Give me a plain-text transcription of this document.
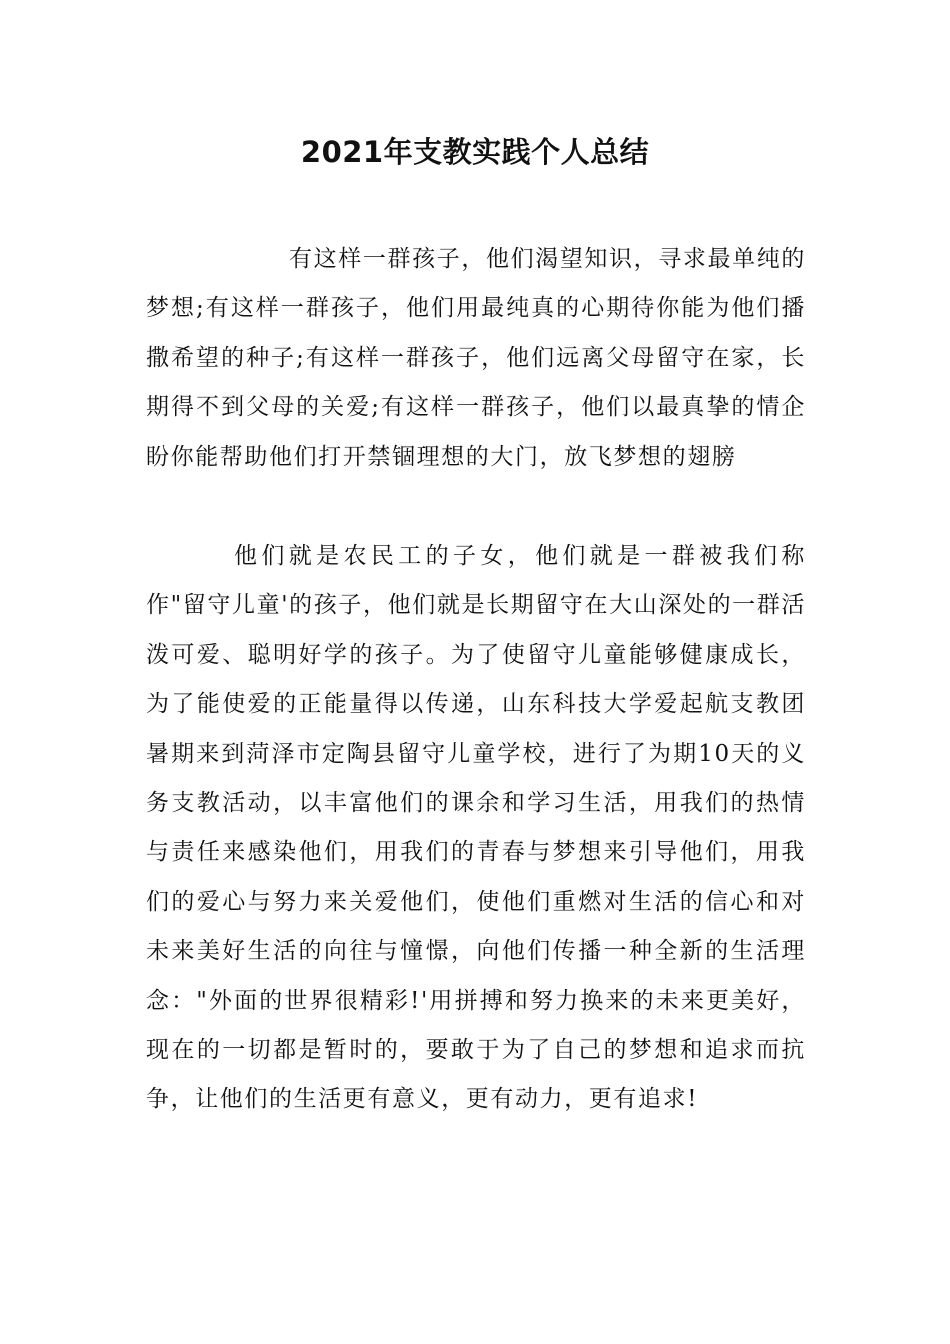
2021年支教实践个人总结

有这样一群孩子，他们渴望知识，寻求最单纯的梦想;有这样一群孩子，他们用最纯真的心期待你能为他们播撒希望的种子;有这样一群孩子，他们远离父母留守在家，长期得不到父母的关爱;有这样一群孩子，他们以最真挚的情企盼你能帮助他们打开禁锢理想的大门，放飞梦想的翅膀

他们就是农民工的子女，他们就是一群被我们称作"留守儿童'的孩子，他们就是长期留守在大山深处的一群活泼可爱、聪明好学的孩子。为了使留守儿童能够健康成长，为了能使爱的正能量得以传递，山东科技大学爱起航支教团暑期来到菏泽市定陶县留守儿童学校，进行了为期10天的义务支教活动，以丰富他们的课余和学习生活，用我们的热情与责任来感染他们，用我们的青春与梦想来引导他们，用我们的爱心与努力来关爱他们，使他们重燃对生活的信心和对未来美好生活的向往与憧憬，向他们传播一种全新的生活理念："外面的世界很精彩!'用拼搏和努力换来的未来更美好，现在的一切都是暂时的，要敢于为了自己的梦想和追求而抗争，让他们的生活更有意义，更有动力，更有追求!
